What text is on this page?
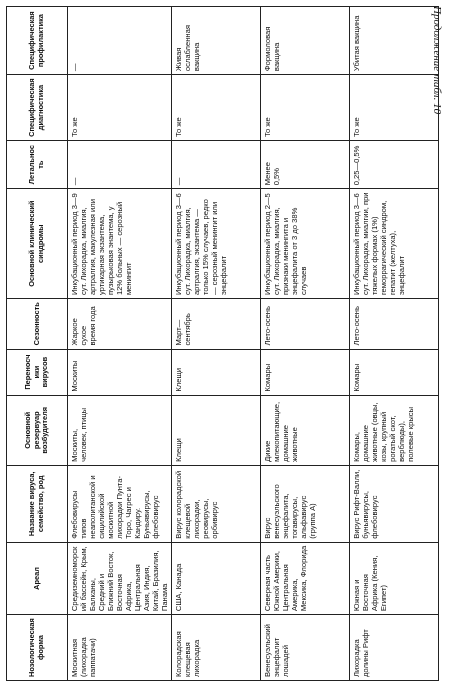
Продолжение табл. 10
Нозологическая форма	Ареал	Название вируса, семейство, род	Основной резервуар возбудителя	Переносчики вирусов	Сезонность	Основной клинический синдромы	Летальность	Специфическая диагностика	Специфическая профилактика
Москитная (лихорадка паппатачи)	Средиземноморский бассейн, Крым, Балканы, Средний и Ближний Восток, Восточная Африка, Центральная Азия, Индия, Китай, Бразилия, Панама	Флебовирусы типов неаполитанской и сицилийской москитной лихорадки Пунта-Торо, Чагрес и Кандиру. Буньявирусы, флебовирус	Москиты, человек, птицы	Москиты	Жаркое сухое время года	Инкубационный период 3—9 сут. Лихорадка, миалгия, артралгия, макулезная или уртикарная экзантема, пузырьковая энантема, у 12% больных — серозный менингит	—	То же	—
Колорадская клещевая лихорадка	США, Канада	Вирус колорадской клещевой лихорадки, реовирусы, орбивирус	Клещи	Клещи	Март—сентябрь	Инкубационный период 3—6 сут. Лихорадка, миалгия, артралгия, экзантема — только 15% случаев, редко — серозный менингит или энцефалит	—	То же	Живая ослабленная вакцина
Венесуэльский энцефалит лошадей	Северная часть Южной Америки, Центральная Америка, Мексика, Флорида	Вирус венесуэльского энцефалита, тогавирусы, альфавирус (группа А)	Дикие млекопитающие, домашние животные	Комары	Лето-осень	Инкубационный период 2—5 сут. Лихорадка, миалгия, признаки менингита и энцефалита от 3 до 38% случаев	Менее 0,5%	То же	Формоловая вакцина
Лихорадка долины Рифт	Южная и Восточная Африка (Кения, Египет)	Вирус Рифт-Валли, буньявирусы, флебовирус	Комары, домашние животные (овцы, козы, крупный рогатый скот, верблюды), полевые крысы	Комары	Лето-осень	Инкубационный период 3—6 сут. Лихорадка, миалгии, при тяжелых формах (1%) геморрагический синдром, гепатит (желтуха), энцефалит	0,25—0,5%	То же	Убитая вакцина
